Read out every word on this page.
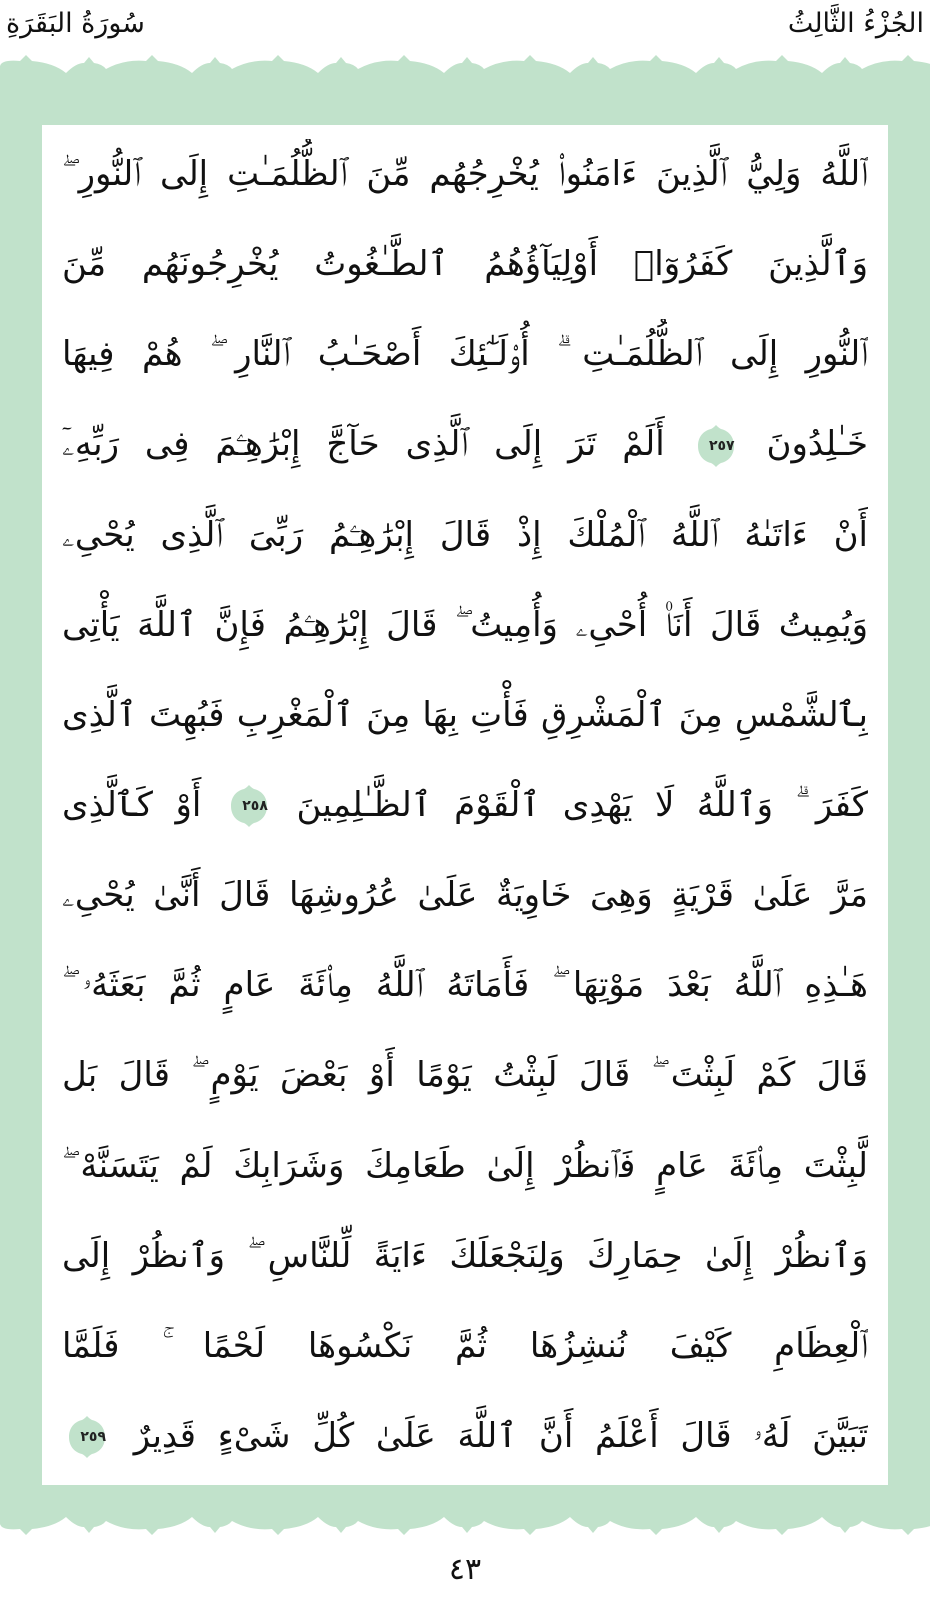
الجُزْءُ الثَّالِثُ
سُورَةُ البَقَرَةِ
ٱللَّهُ وَلِيُّ ٱلَّذِينَ ءَامَنُوا۟ يُخْرِجُهُم مِّنَ ٱلظُّلُمَـٰتِ إِلَى ٱلنُّورِ ۖ
وَٱلَّذِينَ كَفَرُوٓا۟ أَوْلِيَآؤُهُمُ ٱلطَّـٰغُوتُ يُخْرِجُونَهُم مِّنَ
ٱلنُّورِ إِلَى ٱلظُّلُمَـٰتِ ۗ أُو۟لَـٰٓئِكَ أَصْحَـٰبُ ٱلنَّارِ ۖ هُمْ فِيهَا
خَـٰلِدُونَ
٢٥٧
أَلَمْ تَرَ إِلَى ٱلَّذِى حَآجَّ إِبْرَٰهِـۧمَ فِى رَبِّهِۦٓ
أَنْ ءَاتَىٰهُ ٱللَّهُ ٱلْمُلْكَ إِذْ قَالَ إِبْرَٰهِـۧمُ رَبِّىَ ٱلَّذِى يُحْىِۦ
وَيُمِيتُ قَالَ أَنَا۠ أُحْىِۦ وَأُمِيتُ ۖ قَالَ إِبْرَٰهِـۧمُ فَإِنَّ ٱللَّهَ يَأْتِى
بِٱلشَّمْسِ مِنَ ٱلْمَشْرِقِ فَأْتِ بِهَا مِنَ ٱلْمَغْرِبِ فَبُهِتَ ٱلَّذِى
كَفَرَ ۗ وَٱللَّهُ لَا يَهْدِى ٱلْقَوْمَ ٱلظَّـٰلِمِينَ
٢٥٨
أَوْ كَٱلَّذِى
مَرَّ عَلَىٰ قَرْيَةٍ وَهِىَ خَاوِيَةٌ عَلَىٰ عُرُوشِهَا قَالَ أَنَّىٰ يُحْىِۦ
هَـٰذِهِ ٱللَّهُ بَعْدَ مَوْتِهَا ۖ فَأَمَاتَهُ ٱللَّهُ مِا۟ئَةَ عَامٍ ثُمَّ بَعَثَهُۥ ۖ
قَالَ كَمْ لَبِثْتَ ۖ قَالَ لَبِثْتُ يَوْمًا أَوْ بَعْضَ يَوْمٍ ۖ قَالَ بَل
لَّبِثْتَ مِا۟ئَةَ عَامٍ فَٱنظُرْ إِلَىٰ طَعَامِكَ وَشَرَابِكَ لَمْ يَتَسَنَّهْ ۖ
وَٱنظُرْ إِلَىٰ حِمَارِكَ وَلِنَجْعَلَكَ ءَايَةً لِّلنَّاسِ ۖ وَٱنظُرْ إِلَى
ٱلْعِظَامِ كَيْفَ نُنشِزُهَا ثُمَّ نَكْسُوهَا لَحْمًا ۚ فَلَمَّا
تَبَيَّنَ لَهُۥ قَالَ أَعْلَمُ أَنَّ ٱللَّهَ عَلَىٰ كُلِّ شَىْءٍ قَدِيرٌ
٢٥٩
٤٣
